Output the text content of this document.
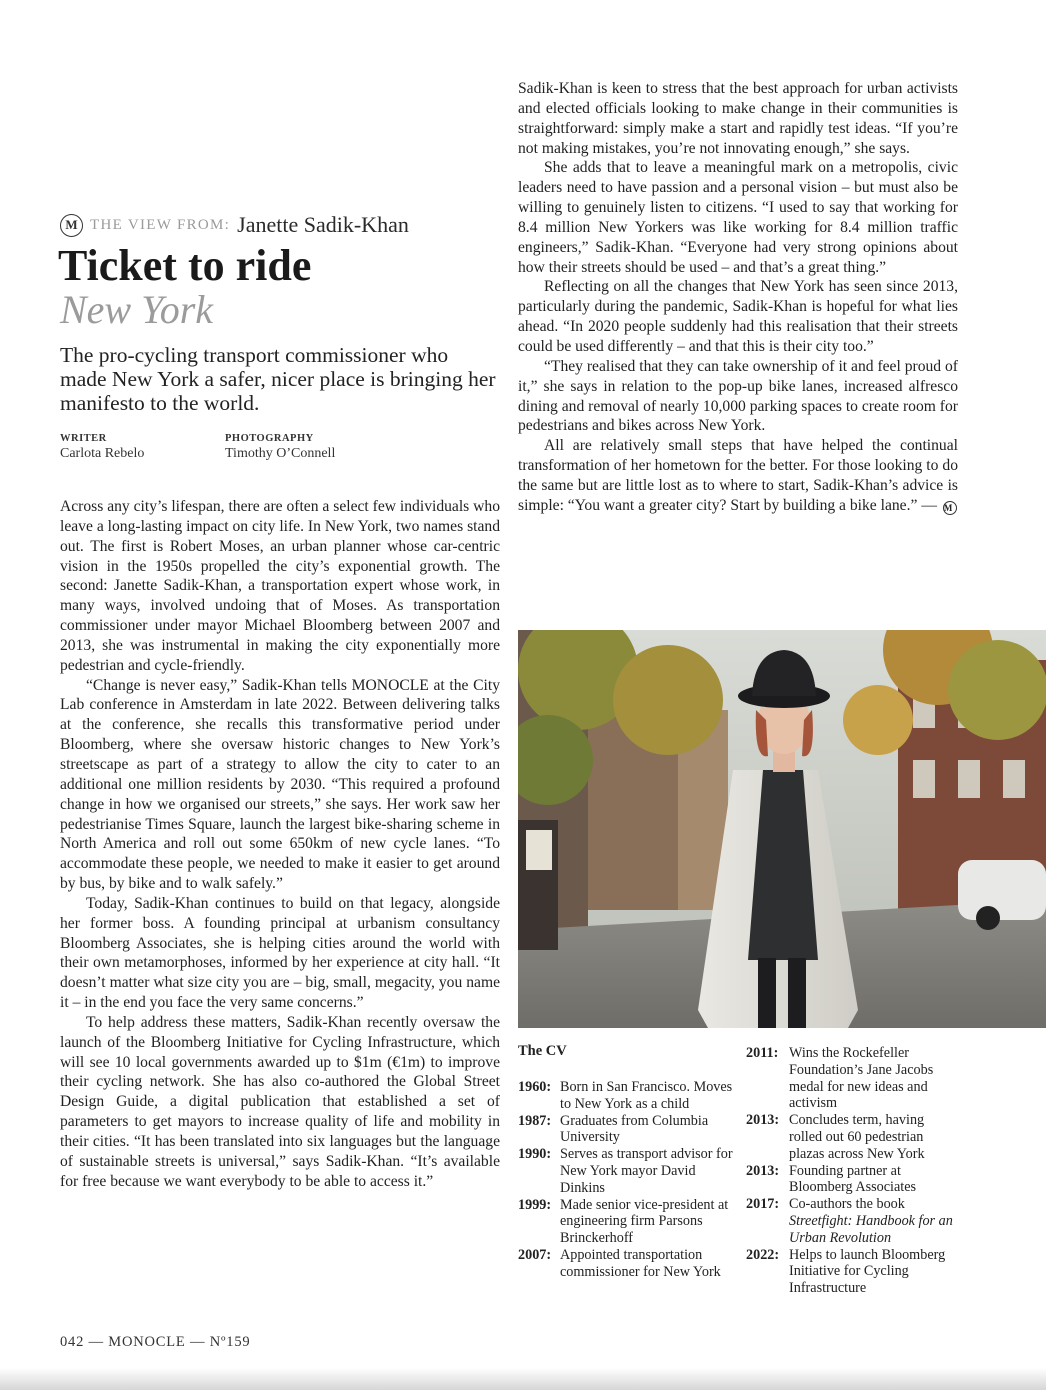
M THE VIEW FROM: Janette Sadik-Khan
Ticket to ride
New York

The pro-cycling transport commissioner who made New York a safer, nicer place is bringing her manifesto to the world.

WRITER
Carlota Rebelo
PHOTOGRAPHY
Timothy O’Connell

Across any city’s lifespan, there are often a select few individuals who leave a long-lasting impact on city life. In New York, two names stand out. The first is Robert Moses, an urban planner whose car-centric vision in the 1950s propelled the city’s exponential growth. The second: Janette Sadik-Khan, a transportation expert whose work, in many ways, involved undoing that of Moses. As transportation commissioner under mayor Michael Bloomberg between 2007 and 2013, she was instrumental in making the city exponentially more pedestrian and cycle-friendly.

“Change is never easy,” Sadik-Khan tells MONOCLE at the City Lab conference in Amsterdam in late 2022. Between delivering talks at the conference, she recalls this transformative period under Bloomberg, where she oversaw historic changes to New York’s streetscape as part of a strategy to allow the city to cater to an additional one million residents by 2030. “This required a profound change in how we organised our streets,” she says. Her work saw her pedestrianise Times Square, launch the largest bike-sharing scheme in North America and roll out some 650km of new cycle lanes. “To accommodate these people, we needed to make it easier to get around by bus, by bike and to walk safely.”

Today, Sadik-Khan continues to build on that legacy, alongside her former boss. A founding principal at urbanism consultancy Bloomberg Associates, she is helping cities around the world with their own metamorphoses, informed by her experience at city hall. “It doesn’t matter what size city you are – big, small, megacity, you name it – in the end you face the very same concerns.”

To help address these matters, Sadik-Khan recently oversaw the launch of the Bloomberg Initiative for Cycling Infrastructure, which will see 10 local governments awarded up to $1m (€1m) to improve their cycling network. She has also co-authored the Global Street Design Guide, a digital publication that established a set of parameters to get mayors to increase quality of life and mobility in their cities. “It has been translated into six languages but the language of sustainable streets is universal,” says Sadik-Khan. “It’s available for free because we want everybody to be able to access it.”

Sadik-Khan is keen to stress that the best approach for urban activists and elected officials looking to make change in their communities is straightforward: simply make a start and rapidly test ideas. “If you’re not making mistakes, you’re not innovating enough,” she says.

She adds that to leave a meaningful mark on a metropolis, civic leaders need to have passion and a personal vision – but must also be willing to genuinely listen to citizens. “I used to say that working for 8.4 million New Yorkers was like working for 8.4 million traffic engineers,” Sadik-Khan. “Everyone had very strong opinions about how their streets should be used – and that’s a great thing.”

Reflecting on all the changes that New York has seen since 2013, particularly during the pandemic, Sadik-Khan is hopeful for what lies ahead. “In 2020 people suddenly had this realisation that their streets could be used differently – and that this is their city too.”

“They realised that they can take ownership of it and feel proud of it,” she says in relation to the pop-up bike lanes, increased alfresco dining and removal of nearly 10,000 parking spaces to create room for pedestrians and bikes across New York.

All are relatively small steps that have helped the continual transformation of her hometown for the better. For those looking to do the same but are little lost as to where to start, Sadik-Khan’s advice is simple: “You want a greater city? Start by building a bike lane.” — M

The CV
1960: Born in San Francisco. Moves to New York as a child
1987: Graduates from Columbia University
1990: Serves as transport advisor for New York mayor David Dinkins
1999: Made senior vice-president at engineering firm Parsons Brinckerhoff
2007: Appointed transportation commissioner for New York
2011: Wins the Rockefeller Foundation’s Jane Jacobs medal for new ideas and activism
2013: Concludes term, having rolled out 60 pedestrian plazas across New York
2013: Founding partner at Bloomberg Associates
2017: Co-authors the book Streetfight: Handbook for an Urban Revolution
2022: Helps to launch Bloomberg Initiative for Cycling Infrastructure
042 — MONOCLE — Nº159
